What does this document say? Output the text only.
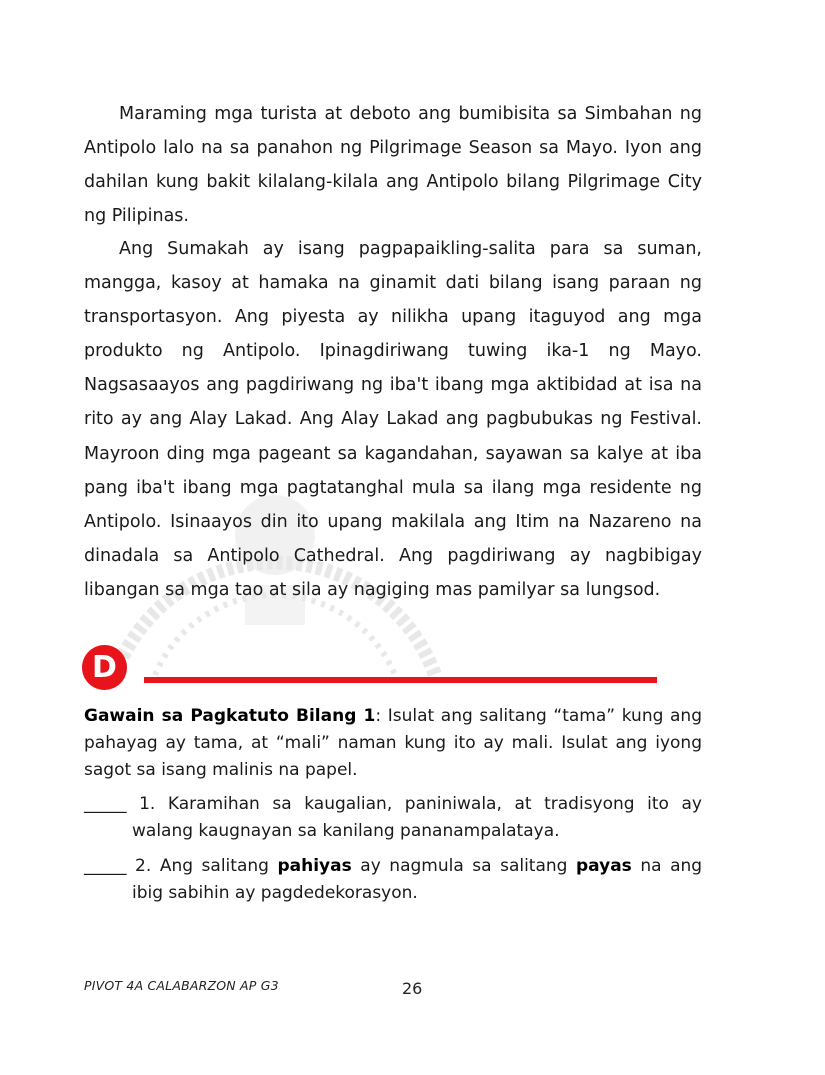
Maraming mga turista at deboto ang bumibisita sa Simbahan ng Antipolo lalo na sa panahon ng Pilgrimage Season sa Mayo. Iyon ang dahilan kung bakit kilalang-kilala ang Antipolo bilang Pilgrimage City ng Pilipinas.

Ang Sumakah ay isang pagpapaikling-salita para sa suman, mangga, kasoy at hamaka na ginamit dati bilang isang paraan ng transportasyon. Ang piyesta ay nilikha upang itaguyod ang mga produkto ng Antipolo. Ipinagdiriwang tuwing ika-1 ng Mayo. Nagsasaayos ang pagdiriwang ng iba't ibang mga aktibidad at isa na rito ay ang Alay Lakad. Ang Alay Lakad ang pagbubukas ng Festival. Mayroon ding mga pageant sa kagandahan, sayawan sa kalye at iba pang iba't ibang mga pagtatanghal mula sa ilang mga residente ng Antipolo. Isinaayos din ito upang makilala ang Itim na Nazareno na dinadala sa Antipolo Cathedral. Ang pagdiriwang ay nagbibigay libangan sa mga tao at sila ay nagiging mas pamilyar sa lungsod.

D

Gawain sa Pagkatuto Bilang 1: Isulat ang salitang “tama” kung ang pahayag ay tama, at “mali” naman kung ito ay mali. Isulat ang iyong sagot sa isang malinis na papel.

_____ 1. Karamihan sa kaugalian, paniniwala, at tradisyong ito ay walang kaugnayan sa kanilang pananampalataya.

_____ 2. Ang salitang pahiyas ay nagmula sa salitang payas na ang ibig sabihin ay pagdedekorasyon.

PIVOT 4A CALABARZON AP G3	26
